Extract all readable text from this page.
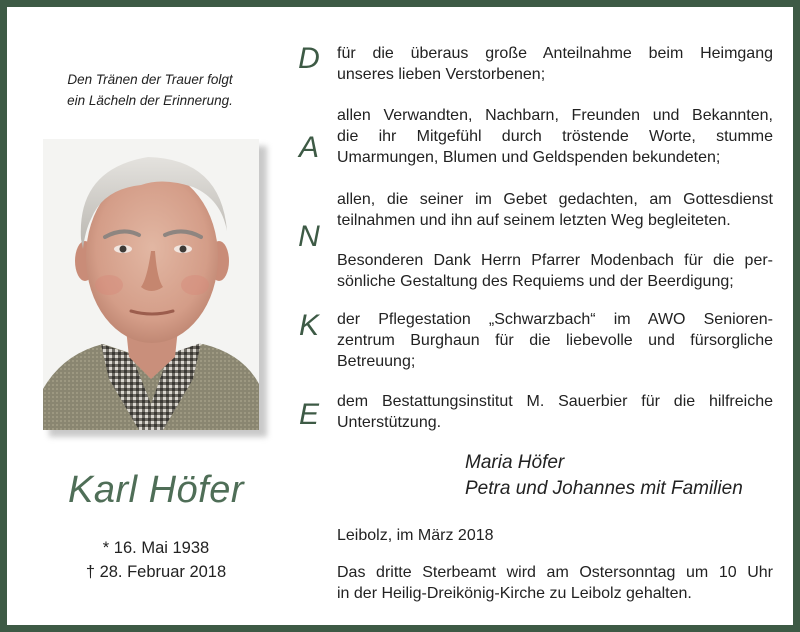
Den Tränen der Trauer folgt
ein Lächeln der Erinnerung.
Karl Höfer
* 16. Mai 1938
† 28. Februar 2018
D
A
N
K
E
für die überaus große Anteilnahme beim Heimgang
unseres lieben Verstorbenen;
allen Verwandten, Nachbarn, Freunden und Bekannten,
die ihr Mitgefühl durch tröstende Worte, stumme
Umarmungen, Blumen und Geldspenden bekundeten;
allen, die seiner im Gebet gedachten, am Gottesdienst
teilnahmen und ihn auf seinem letzten Weg begleiteten.
Besonderen Dank Herrn Pfarrer Modenbach für die per-
sönliche Gestaltung des Requiems und der Beerdigung;
der Pflegestation „Schwarzbach“ im AWO Senioren-
zentrum Burghaun für die liebevolle und fürsorgliche
Betreuung;
dem Bestattungsinstitut M. Sauerbier für die hilfreiche
Unterstützung.
Maria Höfer
Petra und Johannes mit Familien
Leibolz, im März 2018
Das dritte Sterbeamt wird am Ostersonntag um 10 Uhr
in der Heilig-Dreikönig-Kirche zu Leibolz gehalten.
